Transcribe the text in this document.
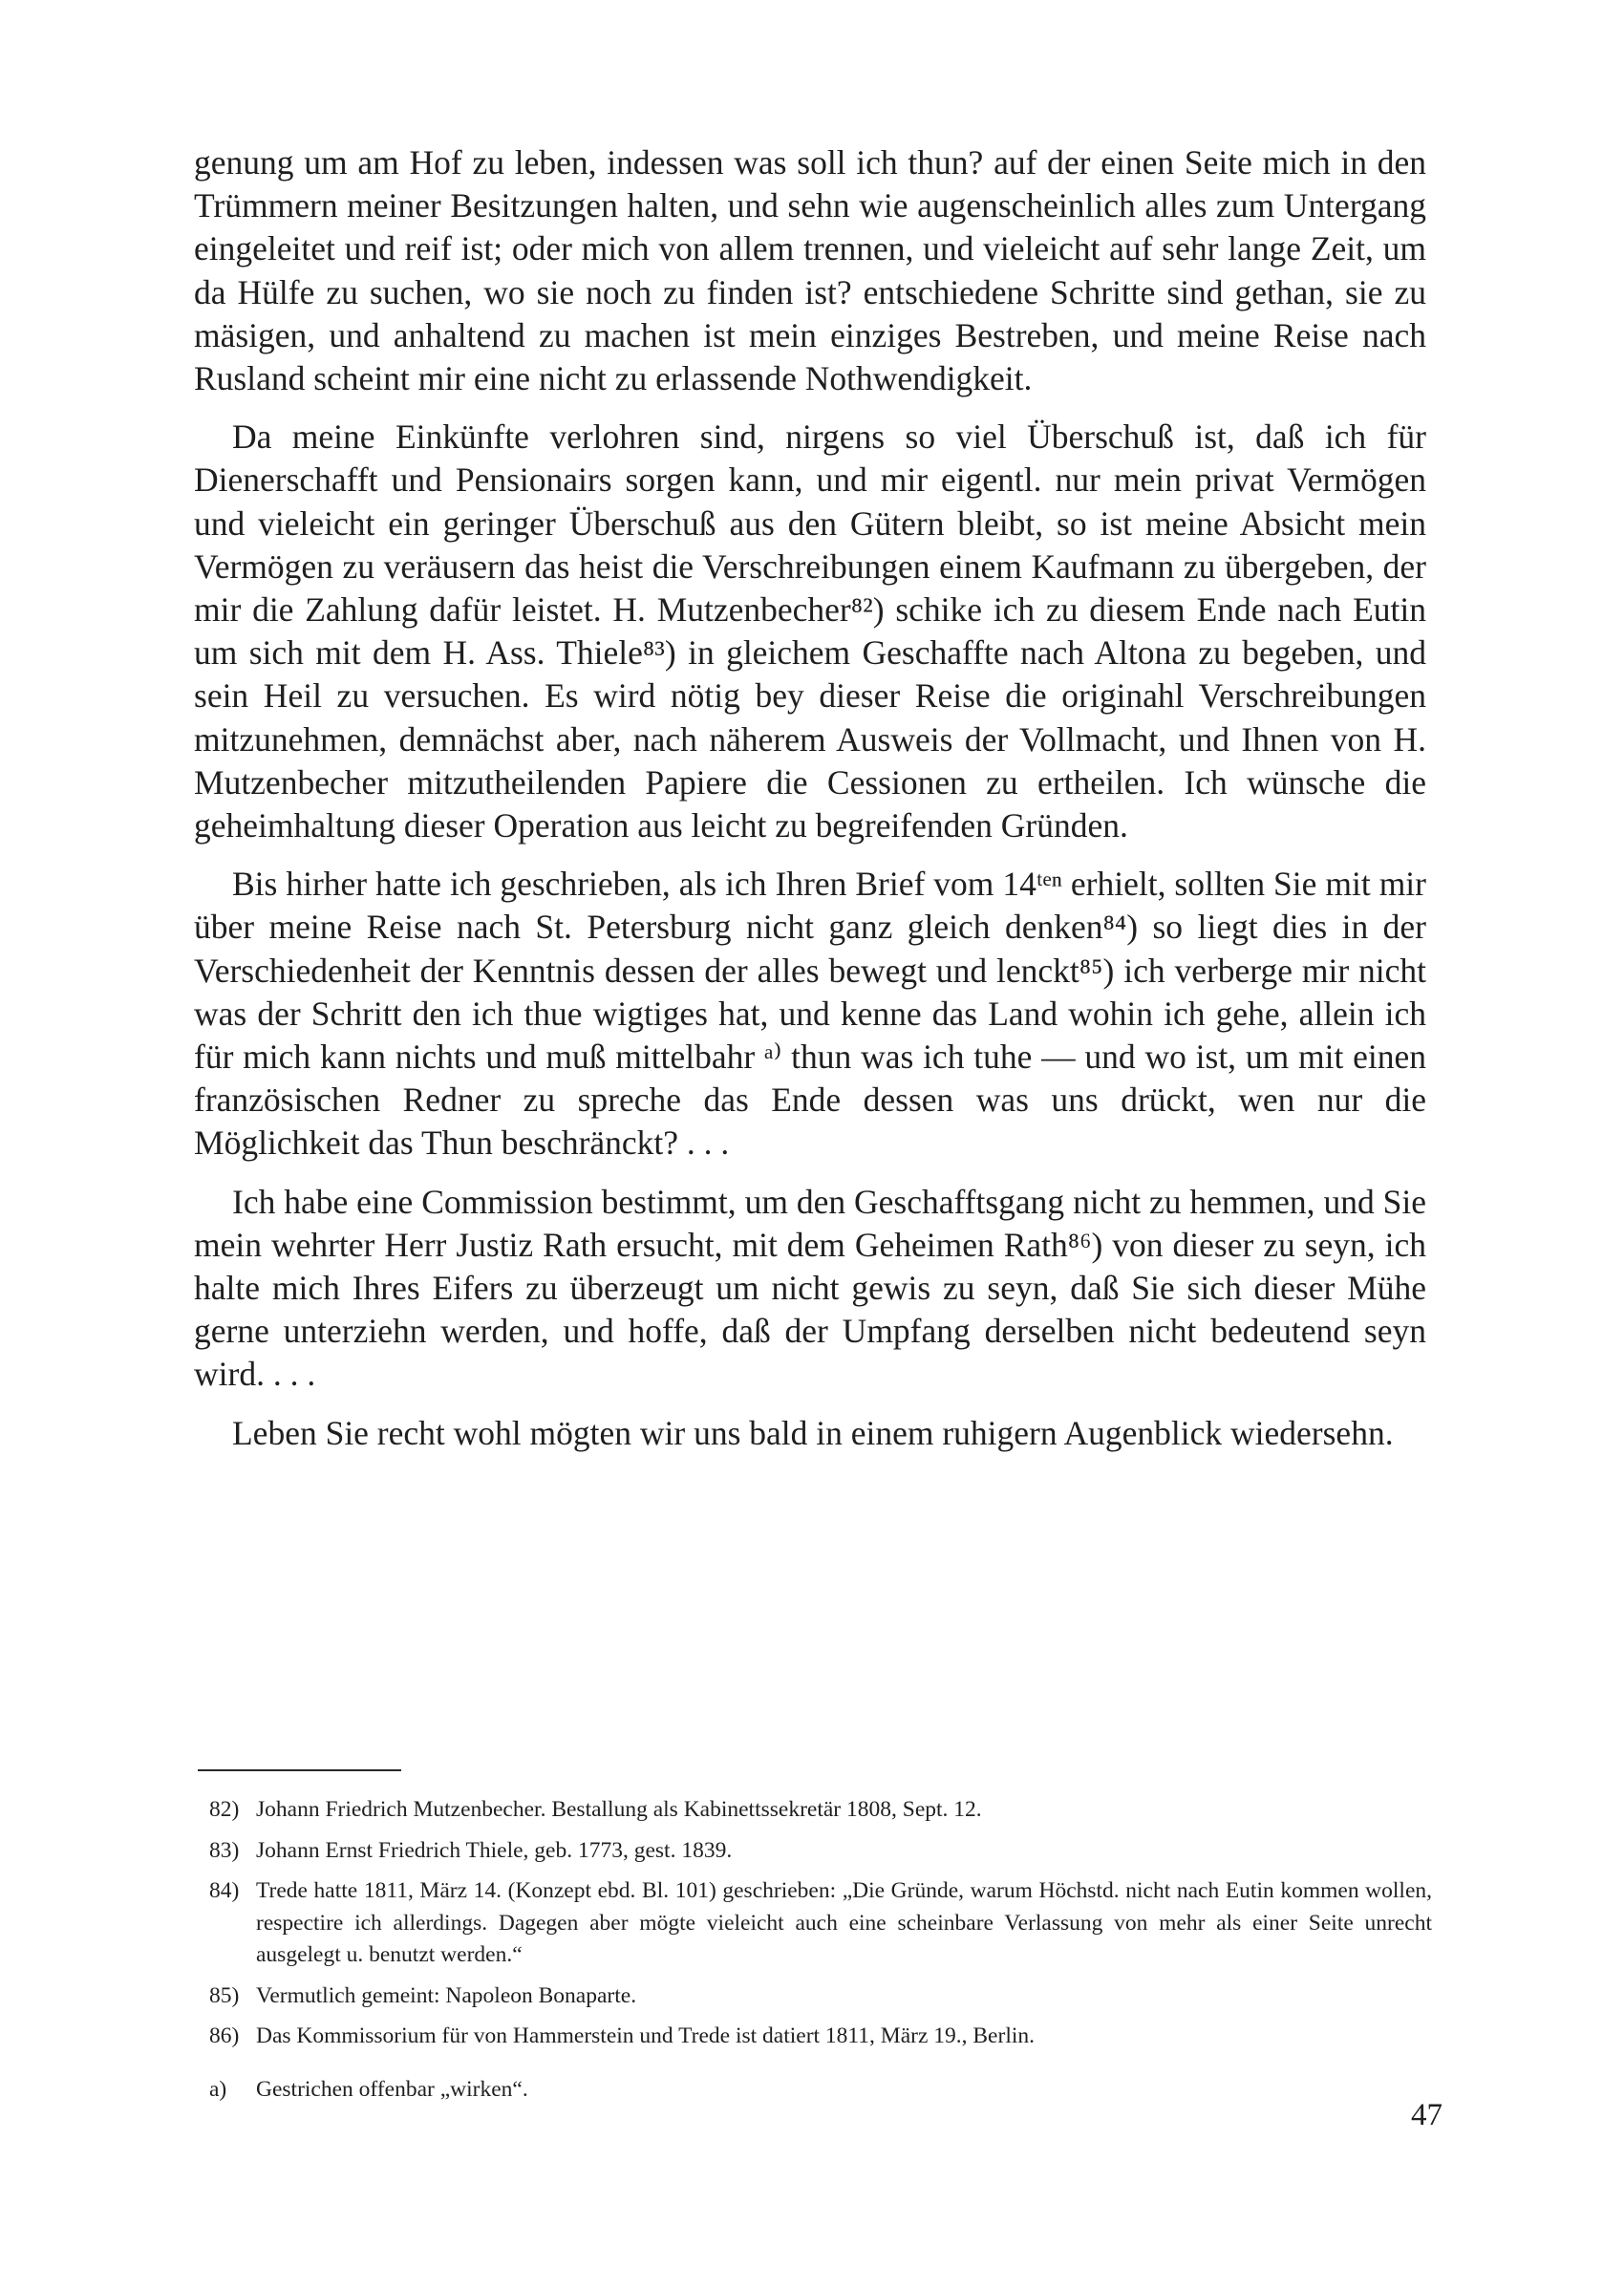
genung um am Hof zu leben, indessen was soll ich thun? auf der einen Seite mich in den Trümmern meiner Besitzungen halten, und sehn wie augenscheinlich alles zum Untergang eingeleitet und reif ist; oder mich von allem trennen, und vieleicht auf sehr lange Zeit, um da Hülfe zu suchen, wo sie noch zu finden ist? entschiedene Schritte sind gethan, sie zu mäsigen, und anhaltend zu machen ist mein einziges Bestreben, und meine Reise nach Rusland scheint mir eine nicht zu erlassende Nothwendigkeit.

Da meine Einkünfte verlohren sind, nirgens so viel Überschuß ist, daß ich für Dienerschafft und Pensionairs sorgen kann, und mir eigentl. nur mein privat Vermögen und vieleicht ein geringer Überschuß aus den Gütern bleibt, so ist meine Absicht mein Vermögen zu veräusern das heist die Verschreibungen einem Kaufmann zu übergeben, der mir die Zahlung dafür leistet. H. Mutzenbecher⁸²) schike ich zu diesem Ende nach Eutin um sich mit dem H. Ass. Thiele⁸³) in gleichem Geschaffte nach Altona zu begeben, und sein Heil zu versuchen. Es wird nötig bey dieser Reise die originahl Verschreibungen mitzunehmen, demnächst aber, nach näherem Ausweis der Vollmacht, und Ihnen von H. Mutzenbecher mitzutheilenden Papiere die Cessionen zu ertheilen. Ich wünsche die geheimhaltung dieser Operation aus leicht zu begreifenden Gründen.

Bis hirher hatte ich geschrieben, als ich Ihren Brief vom 14ᵗᵉⁿ erhielt, sollten Sie mit mir über meine Reise nach St. Petersburg nicht ganz gleich denken⁸⁴) so liegt dies in der Verschiedenheit der Kenntnis dessen der alles bewegt und lenckt⁸⁵) ich verberge mir nicht was der Schritt den ich thue wigtiges hat, und kenne das Land wohin ich gehe, allein ich für mich kann nichts und muß mittelbahr ᵃ⁾ thun was ich tuhe — und wo ist, um mit einen französischen Redner zu spreche das Ende dessen was uns drückt, wen nur die Möglichkeit das Thun beschränckt? . . .

Ich habe eine Commission bestimmt, um den Geschafftsgang nicht zu hemmen, und Sie mein wehrter Herr Justiz Rath ersucht, mit dem Geheimen Rath⁸⁶) von dieser zu seyn, ich halte mich Ihres Eifers zu überzeugt um nicht gewis zu seyn, daß Sie sich dieser Mühe gerne unterziehn werden, und hoffe, daß der Umpfang derselben nicht bedeutend seyn wird. . . .

Leben Sie recht wohl mögten wir uns bald in einem ruhigern Augenblick wiedersehn.

82) Johann Friedrich Mutzenbecher. Bestallung als Kabinettssekretär 1808, Sept. 12.
83) Johann Ernst Friedrich Thiele, geb. 1773, gest. 1839.
84) Trede hatte 1811, März 14. (Konzept ebd. Bl. 101) geschrieben: „Die Gründe, warum Höchstd. nicht nach Eutin kommen wollen, respectire ich allerdings. Dagegen aber mögte vieleicht auch eine scheinbare Verlassung von mehr als einer Seite unrecht ausgelegt u. benutzt werden.“
85) Vermutlich gemeint: Napoleon Bonaparte.
86) Das Kommissorium für von Hammerstein und Trede ist datiert 1811, März 19., Berlin.
a)	Gestrichen offenbar „wirken“.
47
